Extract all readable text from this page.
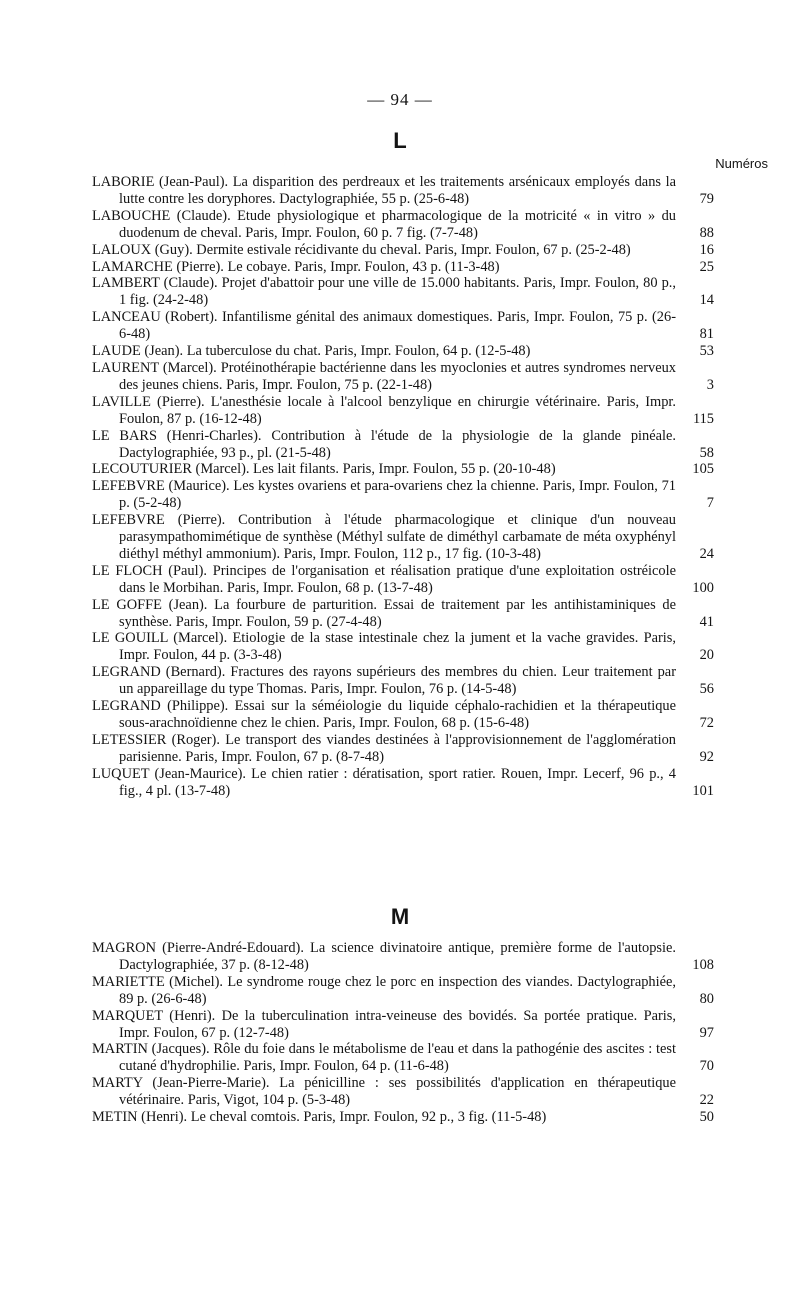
— 94 —
L
Numéros
LABORIE (Jean-Paul). La disparition des perdreaux et les traitements arsénicaux employés dans la lutte contre les doryphores. Dactylographiée, 55 p. (25-6-48)	79
LABOUCHE (Claude). Etude physiologique et pharmacologique de la motricité « in vitro » du duodenum de cheval. Paris, Impr. Foulon, 60 p. 7 fig. (7-7-48)	88
LALOUX (Guy). Dermite estivale récidivante du cheval. Paris, Impr. Foulon, 67 p. (25-2-48)	16
LAMARCHE (Pierre). Le cobaye. Paris, Impr. Foulon, 43 p. (11-3-48)	25
LAMBERT (Claude). Projet d'abattoir pour une ville de 15.000 habitants. Paris, Impr. Foulon, 80 p., 1 fig. (24-2-48)	14
LANCEAU (Robert). Infantilisme génital des animaux domestiques. Paris, Impr. Foulon, 75 p. (26-6-48)	81
LAUDE (Jean). La tuberculose du chat. Paris, Impr. Foulon, 64 p. (12-5-48)	53
LAURENT (Marcel). Protéinothérapie bactérienne dans les myoclonies et autres syndromes nerveux des jeunes chiens. Paris, Impr. Foulon, 75 p. (22-1-48)	3
LAVILLE (Pierre). L'anesthésie locale à l'alcool benzylique en chirurgie vétérinaire. Paris, Impr. Foulon, 87 p. (16-12-48)	115
LE BARS (Henri-Charles). Contribution à l'étude de la physiologie de la glande pinéale. Dactylographiée, 93 p., pl. (21-5-48)	58
LECOUTURIER (Marcel). Les lait filants. Paris, Impr. Foulon, 55 p. (20-10-48)	105
LEFEBVRE (Maurice). Les kystes ovariens et para-ovariens chez la chienne. Paris, Impr. Foulon, 71 p. (5-2-48)	7
LEFEBVRE (Pierre). Contribution à l'étude pharmacologique et clinique d'un nouveau parasympathomimétique de synthèse (Méthyl sulfate de diméthyl carbamate de méta oxyphényl diéthyl méthyl ammonium). Paris, Impr. Foulon, 112 p., 17 fig. (10-3-48)	24
LE FLOCH (Paul). Principes de l'organisation et réalisation pratique d'une exploitation ostréicole dans le Morbihan. Paris, Impr. Foulon, 68 p. (13-7-48)	100
LE GOFFE (Jean). La fourbure de parturition. Essai de traitement par les antihistaminiques de synthèse. Paris, Impr. Foulon, 59 p. (27-4-48)	41
LE GOUILL (Marcel). Etiologie de la stase intestinale chez la jument et la vache gravides. Paris, Impr. Foulon, 44 p. (3-3-48)	20
LEGRAND (Bernard). Fractures des rayons supérieurs des membres du chien. Leur traitement par un appareillage du type Thomas. Paris, Impr. Foulon, 76 p. (14-5-48)	56
LEGRAND (Philippe). Essai sur la séméiologie du liquide céphalo-rachidien et la thérapeutique sous-arachnoïdienne chez le chien. Paris, Impr. Foulon, 68 p. (15-6-48)	72
LETESSIER (Roger). Le transport des viandes destinées à l'approvisionnement de l'agglomération parisienne. Paris, Impr. Foulon, 67 p. (8-7-48)	92
LUQUET (Jean-Maurice). Le chien ratier : dératisation, sport ratier. Rouen, Impr. Lecerf, 96 p., 4 fig., 4 pl. (13-7-48)	101
M
MAGRON (Pierre-André-Edouard). La science divinatoire antique, première forme de l'autopsie. Dactylographiée, 37 p. (8-12-48)	108
MARIETTE (Michel). Le syndrome rouge chez le porc en inspection des viandes. Dactylographiée, 89 p. (26-6-48)	80
MARQUET (Henri). De la tuberculination intra-veineuse des bovidés. Sa portée pratique. Paris, Impr. Foulon, 67 p. (12-7-48)	97
MARTIN (Jacques). Rôle du foie dans le métabolisme de l'eau et dans la pathogénie des ascites : test cutané d'hydrophilie. Paris, Impr. Foulon, 64 p. (11-6-48)	70
MARTY (Jean-Pierre-Marie). La pénicilline : ses possibilités d'application en thérapeutique vétérinaire. Paris, Vigot, 104 p. (5-3-48)	22
METIN (Henri). Le cheval comtois. Paris, Impr. Foulon, 92 p., 3 fig. (11-5-48)	50
